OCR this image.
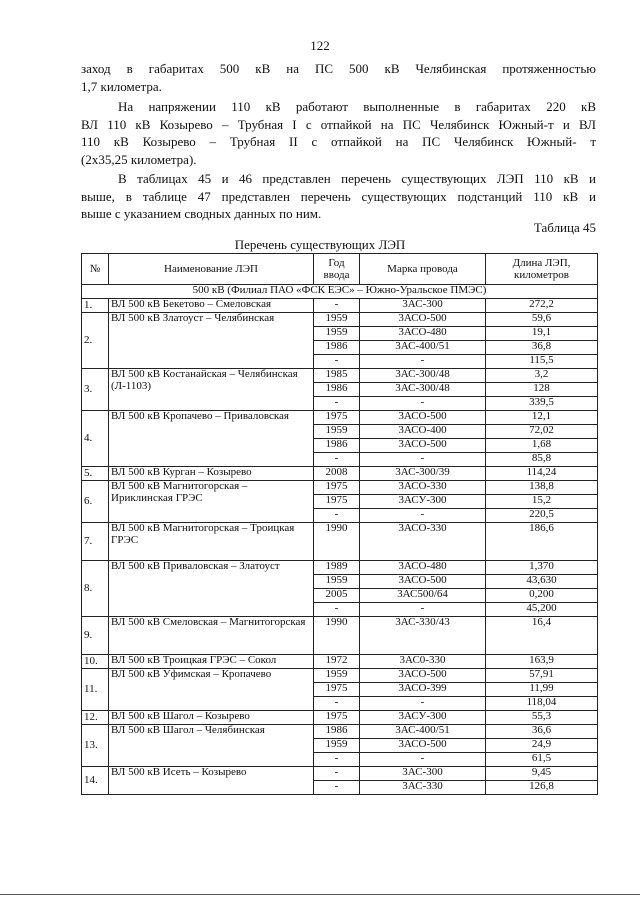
122
заход в габаритах 500 кВ на ПС 500 кВ Челябинская протяженностью
1,7 километра.
На напряжении 110 кВ работают выполненные в габаритах 220 кВ
ВЛ 110 кВ Козырево – Трубная I с отпайкой на ПС Челябинск Южный-т и ВЛ
110 кВ Козырево – Трубная II с отпайкой на ПС Челябинск Южный- т
(2х35,25 километра).
В таблицах 45 и 46 представлен перечень существующих ЛЭП 110 кВ и
выше, в таблице 47 представлен перечень существующих подстанций 110 кВ и
выше с указанием сводных данных по ним.
Таблица 45
Перечень существующих ЛЭП
№	Наименование ЛЭП	Год ввода	Марка провода	Длина ЛЭП, километров
500 кВ (Филиал ПАО «ФСК ЕЭС» – Южно-Уральское ПМЭС)				
1.	ВЛ 500 кВ Бекетово – Смеловская	-	3АС-300	272,2
2.	ВЛ 500 кВ Златоуст – Челябинская	1959	3АСО-500	59,6
		1959	3АСО-480	19,1
		1986	3АС-400/51	36,8
		-	-	115,5
3.	ВЛ 500 кВ Костанайская – Челябинская (Л-1103)	1985	3АС-300/48	3,2
		1986	3АС-300/48	128
		-	-	339,5
4.	ВЛ 500 кВ Кропачево – Приваловская	1975	3АСО-500	12,1
		1959	3АСО-400	72,02
		1986	3АСО-500	1,68
		-	-	85,8
5.	ВЛ 500 кВ Курган – Козырево	2008	3АС-300/39	114,24
6.	ВЛ 500 кВ Магнитогорская – Ириклинская ГРЭС	1975	3АСО-330	138,8
		1975	3АСУ-300	15,2
		-	-	220,5
7.	ВЛ 500 кВ Магнитогорская – Троицкая ГРЭС	1990	3АСО-330	186,6
8.	ВЛ 500 кВ Приваловская – Златоуст	1989	3АСО-480	1,370
		1959	3АСО-500	43,630
		2005	3АС500/64	0,200
		-	-	45,200
9.	ВЛ 500 кВ Смеловская – Магнитогорская	1990	3АС-330/43	16,4
10.	ВЛ 500 кВ Троицкая ГРЭС – Сокол	1972	3АС0-330	163,9
11.	ВЛ 500 кВ Уфимская – Кропачево	1959	3АСО-500	57,91
		1975	3АСО-399	11,99
		-	-	118,04
12.	ВЛ 500 кВ Шагол – Козырево	1975	3АСУ-300	55,3
13.	ВЛ 500 кВ Шагол – Челябинская	1986	3АС-400/51	36,6
		1959	3АСО-500	24,9
		-	-	61,5
14.	ВЛ 500 кВ Исеть – Козырево	-	3АС-300	9,45
		-	3АС-330	126,8
